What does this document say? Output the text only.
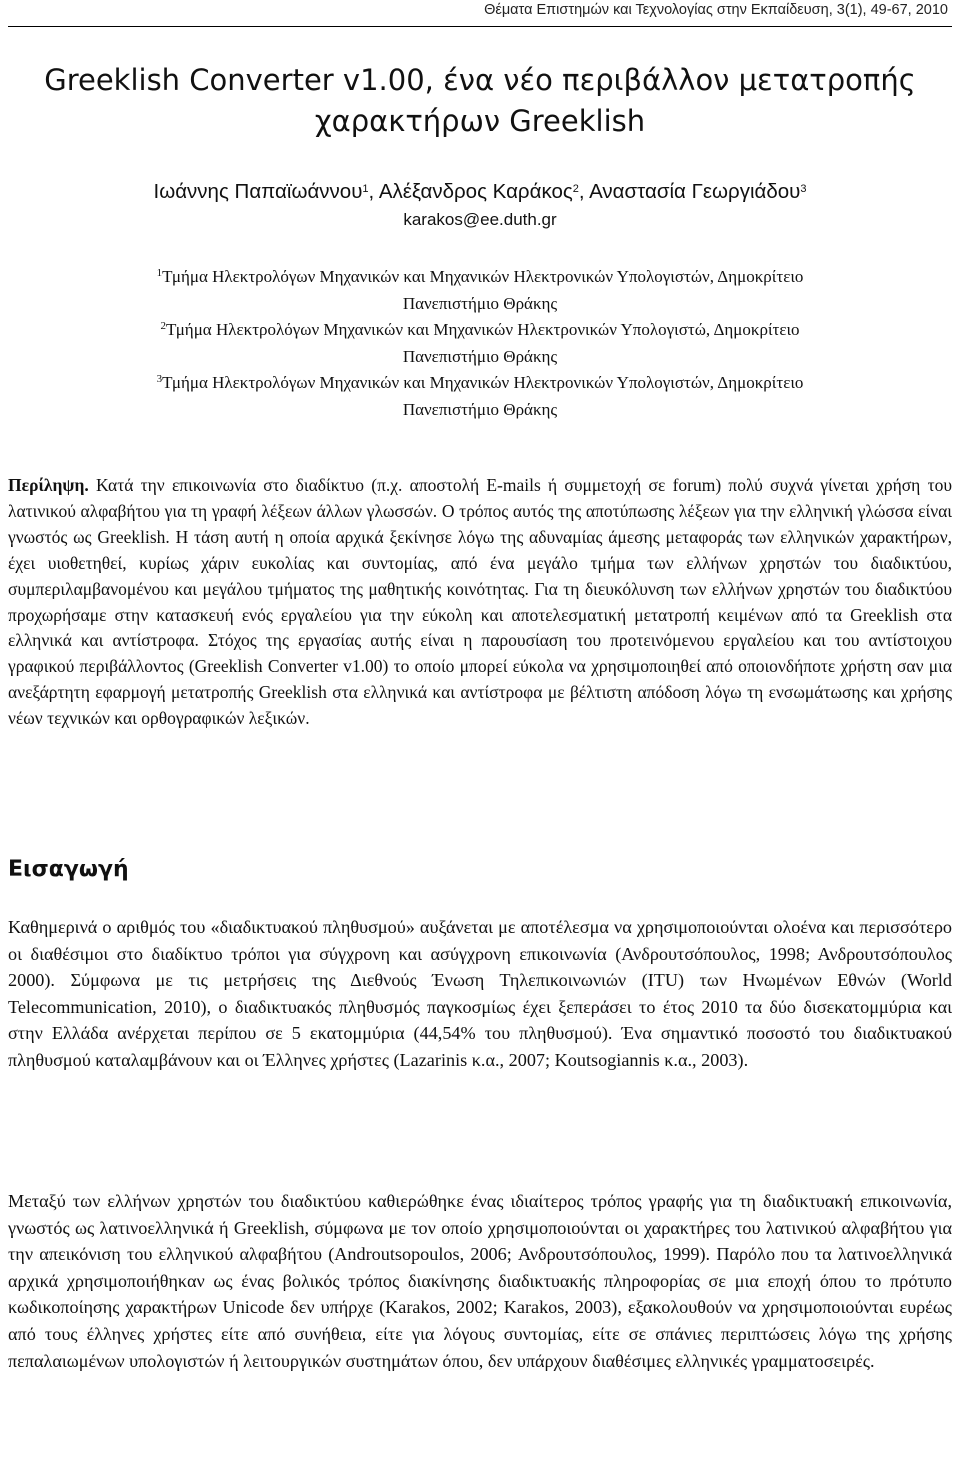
Θέματα Επιστημών και Τεχνολογίας στην Εκπαίδευση, 3(1), 49-67, 2010
Greeklish Converter v1.00, ένα νέο περιβάλλον μετατροπής
χαρακτήρων Greeklish
Ιωάννης Παπαϊωάννου$^1$, Αλέξανδρος Καράκος$^2$, Αναστασία Γεωργιάδου$^3$
karakos@ee.duth.gr
$^1$Τμήμα Ηλεκτρολόγων Μηχανικών και Μηχανικών Ηλεκτρονικών Υπολογιστών, Δημοκρίτειο
Πανεπιστήμιο Θράκης
$^2$Τμήμα Ηλεκτρολόγων Μηχανικών και Μηχανικών Ηλεκτρονικών Υπολογιστώ, Δημοκρίτειο
Πανεπιστήμιο Θράκης
$^3$Τμήμα Ηλεκτρολόγων Μηχανικών και Μηχανικών Ηλεκτρονικών Υπολογιστών, Δημοκρίτειο
Πανεπιστήμιο Θράκης

Περίληψη. Κατά την επικοινωνία στο διαδίκτυο (π.χ. αποστολή E-mails ή συμμετοχή σε forum) πολύ συχνά γίνεται χρήση του λατινικού αλφαβήτου για τη γραφή λέξεων άλλων γλωσσών. Ο τρόπος αυτός της αποτύπωσης λέξεων για την ελληνική γλώσσα είναι γνωστός ως Greeklish. Η τάση αυτή η οποία αρχικά ξεκίνησε λόγω της αδυναμίας άμεσης μεταφοράς των ελληνικών χαρακτήρων, έχει υιοθετηθεί, κυρίως χάριν ευκολίας και συντομίας, από ένα μεγάλο τμήμα των ελλήνων χρηστών του διαδικτύου, συμπεριλαμβανομένου και μεγάλου τμήματος της μαθητικής κοινότητας. Για τη διευκόλυνση των ελλήνων χρηστών του διαδικτύου προχωρήσαμε στην κατασκευή ενός εργαλείου για την εύκολη και αποτελεσματική μετατροπή κειμένων από τα Greeklish στα ελληνικά και αντίστροφα. Στόχος της εργασίας αυτής είναι η παρουσίαση του προτεινόμενου εργαλείου και του αντίστοιχου γραφικού περιβάλλοντος (Greeklish Converter v1.00) το οποίο μπορεί εύκολα να χρησιμοποιηθεί από οποιονδήποτε χρήστη σαν μια ανεξάρτητη εφαρμογή μετατροπής Greeklish στα ελληνικά και αντίστροφα με βέλτιστη απόδοση λόγω τη ενσωμάτωσης και χρήσης νέων τεχνικών και ορθογραφικών λεξικών.

Εισαγωγή

Καθημερινά ο αριθμός του «διαδικτυακού πληθυσμού» αυξάνεται με αποτέλεσμα να χρησιμοποιούνται ολοένα και περισσότερο οι διαθέσιμοι στο διαδίκτυο τρόποι για σύγχρονη και ασύγχρονη επικοινωνία (Ανδρουτσόπουλος, 1998; Ανδρουτσόπουλος 2000). Σύμφωνα με τις μετρήσεις της Διεθνούς Ένωση Τηλεπικοινωνιών (ITU) των Ηνωμένων Εθνών (World Telecommunication, 2010), ο διαδικτυακός πληθυσμός παγκοσμίως έχει ξεπεράσει το έτος 2010 τα δύο δισεκατομμύρια και στην Ελλάδα ανέρχεται περίπου σε 5 εκατομμύρια (44,54% του πληθυσμού). Ένα σημαντικό ποσοστό του διαδικτυακού πληθυσμού καταλαμβάνουν και οι Έλληνες χρήστες (Lazarinis κ.α., 2007; Koutsogiannis κ.α., 2003).

Μεταξύ των ελλήνων χρηστών του διαδικτύου καθιερώθηκε ένας ιδιαίτερος τρόπος γραφής για τη διαδικτυακή επικοινωνία, γνωστός ως λατινοελληνικά ή Greeklish, σύμφωνα με τον οποίο χρησιμοποιούνται οι χαρακτήρες του λατινικού αλφαβήτου για την απεικόνιση του ελληνικού αλφαβήτου (Androutsopoulos, 2006; Ανδρουτσόπουλος, 1999). Παρόλο που τα λατινοελληνικά αρχικά χρησιμοποιήθηκαν ως ένας βολικός τρόπος διακίνησης διαδικτυακής πληροφορίας σε μια εποχή όπου το πρότυπο κωδικοποίησης χαρακτήρων Unicode δεν υπήρχε (Karakos, 2002; Karakos, 2003), εξακολουθούν να χρησιμοποιούνται ευρέως από τους έλληνες χρήστες είτε από συνήθεια, είτε για λόγους συντομίας, είτε σε σπάνιες περιπτώσεις λόγω της χρήσης πεπαλαιωμένων υπολογιστών ή λειτουργικών συστημάτων όπου, δεν υπάρχουν διαθέσιμες ελληνικές γραμματοσειρές.
